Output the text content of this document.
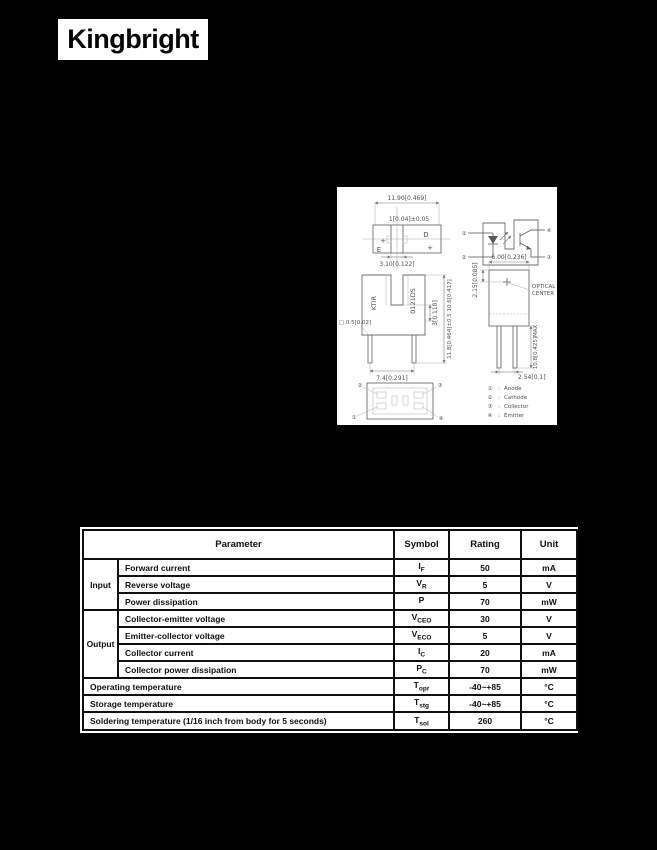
Kingbright
11.90[0.469]
1[0.04]±0.05
+
D
E	+
3.10[0.122]
①
②
④
③
6.00[0.236]
OPTICAL
CENTER
2.15[0.085]
10.8[0.425]MAX
2.54[0.1]
KTIR	0121DS
□ 0.5[0.02]	3[0.118] 11.8[0.464]±0.5 10.6[0.417]
7.4[0.291]
②	③
①	④
① : Anode
② : Cathode
③ : Collector
④ : Emitter
Parameter		Symbol	Rating	Unit
Input	Forward current	$I_F$	50	mA
	Reverse voltage	$V_R$	5	V
	Power dissipation	P	70	mW
Output	Collector-emitter voltage	$V_{CEO}$	30	V
	Emitter-collector voltage	$V_{ECO}$	5	V
	Collector current	$I_C$	20	mA
	Collector power dissipation	$P_C$	70	mW
Operating temperature		$T_{opr}$	-40~+85	°C
Storage temperature		$T_{stg}$	-40~+85	°C
Soldering temperature (1/16 inch from body for 5 seconds)		$T_{sol}$	260	°C
